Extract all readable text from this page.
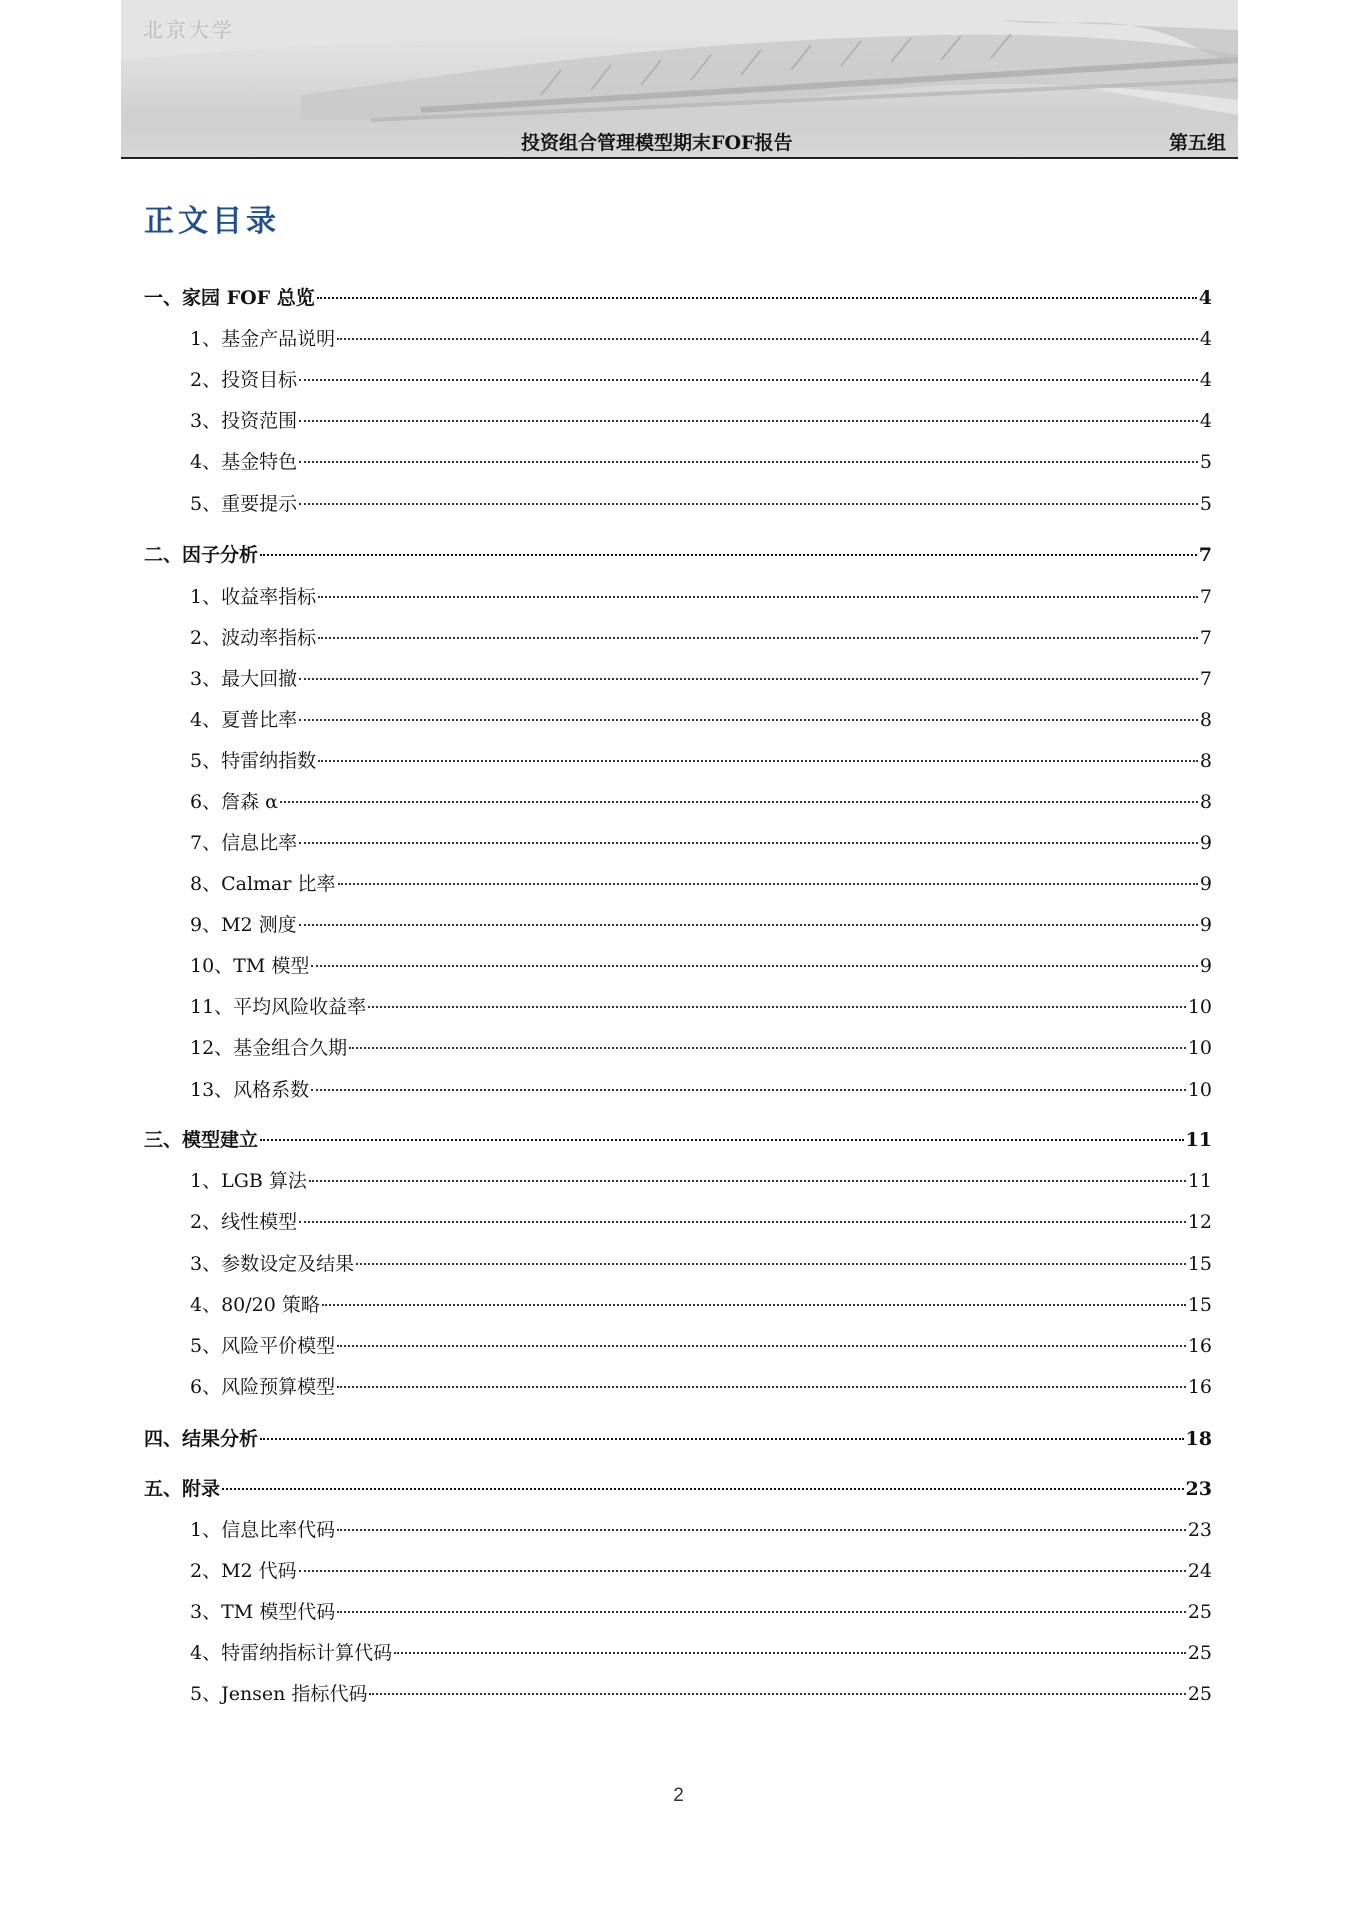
北京大学
投资组合管理模型期末FOF报告	第五组
正文目录
一、家园 FOF 总览	4
1、基金产品说明	4
2、投资目标	4
3、投资范围	4
4、基金特色	5
5、重要提示	5
二、因子分析	7
1、收益率指标	7
2、波动率指标	7
3、最大回撤	7
4、夏普比率	8
5、特雷纳指数	8
6、詹森 α	8
7、信息比率	9
8、Calmar 比率	9
9、M2 测度	9
10、TM 模型	9
11、平均风险收益率	10
12、基金组合久期	10
13、风格系数	10
三、模型建立	11
1、LGB 算法	11
2、线性模型	12
3、参数设定及结果	15
4、80/20 策略	15
5、风险平价模型	16
6、风险预算模型	16
四、结果分析	18
五、附录	23
1、信息比率代码	23
2、M2 代码	24
3、TM 模型代码	25
4、特雷纳指标计算代码	25
5、Jensen 指标代码	25
2
